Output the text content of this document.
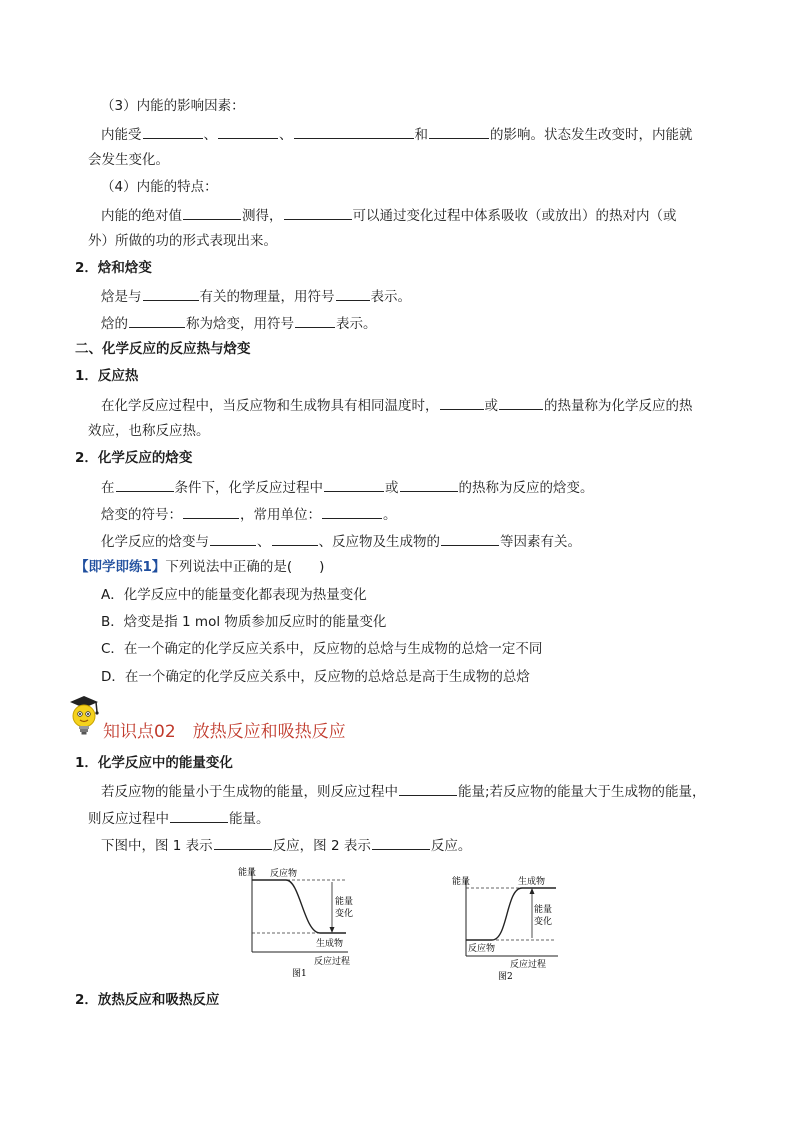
（3）内能的影响因素：
内能受	、	、	和	的影响。状态发生改变时，内能就
会发生变化。
（4）内能的特点：
内能的绝对值	测得，	可以通过变化过程中体系吸收（或放出）的热对内（或
外）所做的功的形式表现出来。
2．焓和焓变
焓是与	有关的物理量，用符号	表示。
焓的	称为焓变，用符号	表示。
二、化学反应的反应热与焓变
1．反应热
在化学反应过程中，当反应物和生成物具有相同温度时，	或	的热量称为化学反应的热
效应，也称反应热。
2．化学反应的焓变
在	条件下，化学反应过程中	或	的热称为反应的焓变。
焓变的符号：	，常用单位：	。
化学反应的焓变与	、	、反应物及生成物的	等因素有关。
【即学即练1】下列说法中正确的是(　　)
A．化学反应中的能量变化都表现为热量变化
B．焓变是指 1 mol 物质参加反应时的能量变化
C．在一个确定的化学反应关系中，反应物的总焓与生成物的总焓一定不同
D．在一个确定的化学反应关系中，反应物的总焓总是高于生成物的总焓
知识点02　放热反应和吸热反应
1．化学反应中的能量变化
若反应物的能量小于生成物的能量，则反应过程中	能量;若反应物的能量大于生成物的能量，
则反应过程中	能量。
下图中，图 1 表示	反应，图 2 表示	反应。
能量 反应物
生成物
能量
变化
反应过程
图1
能量	生成物
反应物
能量
变化
反应过程
图2
2．放热反应和吸热反应
